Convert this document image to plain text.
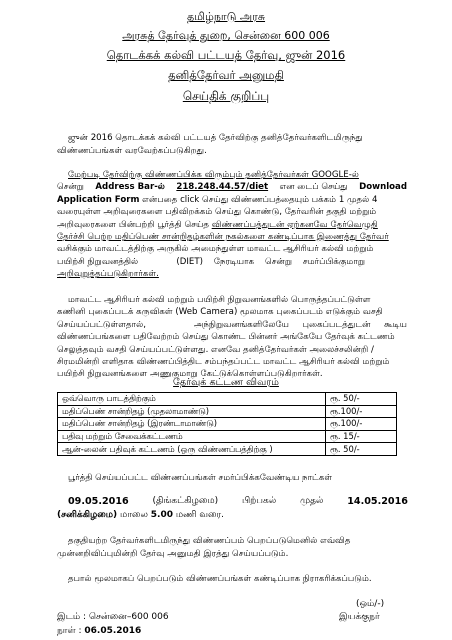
தமிழ்நாடு அரசு
அரசுத் தேர்வுத் துறை, சென்னை 600 006
தொடக்கக் கல்வி பட்டயத் தேர்வு, ஜுன் 2016
தனித்தேர்வர் அனுமதி
செய்திக் குறிப்பு
ஜுன் 2016 தொடக்கக் கல்வி பட்டயத் தேர்விற்கு தனித்தேர்வர்களிடமிருந்து
விண்ணப்பங்கள் வரவேற்கப்படுகிறது.
மேற்படி தேர்விற்கு விண்ணப்பிக்க விரும்பும் தனித்தேர்வர்கள் GOOGLE-ல்
சென்று Address Bar-ல் 218.248.44.57/diet என டைப் செய்து Download
Application Form என்பதை click செய்து விண்ணப்பத்தையும் பக்கம் 1 முதல் 4
வரையுள்ள அறிவுரைகளை பதிவிறக்கம் செய்து கொண்டு, தேர்வரின் தகுதி மற்றும்
அறிவுரைகளை பின்பற்றி பூர்த்தி செய்த விண்ணப்பத்துடன் ஏற்கனவே தேர்வெழுதி
தேர்ச்சி பெற்ற மதிப்பெண் சான்றிதழ்களின் நகல்களை கண்டிப்பாக இணைத்து தேர்வர்
வசிக்கும் மாவட்டத்திற்கு அருகில் அமைந்துள்ள மாவட்ட ஆசிரியர் கல்வி மற்றும்
பயிற்சி நிறுவனத்தில்              (DIET)    நேரடியாக    சென்று    சமர்ப்பிக்குமாறு
அறிவுறுத்தப்படுகிறார்கள்.
மாவட்ட ஆசிரியர் கல்வி மற்றும் பயிற்சி நிறுவனங்களில் பொருத்தப்பட்டுள்ள
கணினி புகைப்படக் கருவிகள் (Web Camera) மூலமாக புகைப்படம் எடுக்கும் வசதி
செய்யப்பட்டுள்ளதால்,	அந்நிறுவனங்களிலேயே     புகைப்படத்துடன்     கூடிய
விண்ணப்பங்களை பதிவேற்றம் செய்து கொண்ட பின்னர் அங்கேயே தேர்வுக் கட்டணம்
செலுத்தவும் வசதி செய்யப்பட்டுள்ளது. எனவே தனித்தேர்வர்கள் அலைச்சலின்றி /
சிரமமின்றி எளிதாக விண்ணப்பித்திட சம்பந்தப்பட்ட மாவட்ட ஆசிரியர் கல்வி மற்றும்
பயிற்சி நிறுவனங்களை அணுகுமாறு கேட்டுக்கொள்ளப்படுகிறார்கள்.
தேர்வுக் கட்டண விவரம்
ஒவ்வொரு பாடத்திற்கும்	ரூ. 50/-
மதிப்பெண் சான்றிதழ் (முதலாமாண்டு)	ரூ.100/-
மதிப்பெண் சான்றிதழ் (இரண்டாமாண்டு)	ரூ.100/-
பதிவு மற்றும் சேவைக்கட்டணம்	ரூ. 15/-
ஆன்-லைன் பதிவுக் கட்டணம் (ஒரு விண்ணப்பத்திற்கு )	ரூ. 50/-
பூர்த்தி செய்யப்பட்ட விண்ணப்பங்கள் சமர்ப்பிக்கவேண்டிய நாட்கள்
09.05.2016	(திங்கட்கிழமை)	பிற்பகல்	முதல் 14.05.2016
(சனிக்கிழமை) மாலை 5.00 மணி வரை.
தகுதியற்ற தேர்வர்களிடமிருந்து விண்ணப்பம் பெறப்படுமெனில் எவ்வித
முன்னறிவிப்புமின்றி தேர்வு அனுமதி இரத்து செய்யப்படும்.
தபால் மூலமாகப் பெறப்படும் விண்ணப்பங்கள் கண்டிப்பாக நிராகரிக்கப்படும்.
(ஒம்/-)
இடம் : சென்னை–600 006	இயக்குநர்
நாள் : 06.05.2016
